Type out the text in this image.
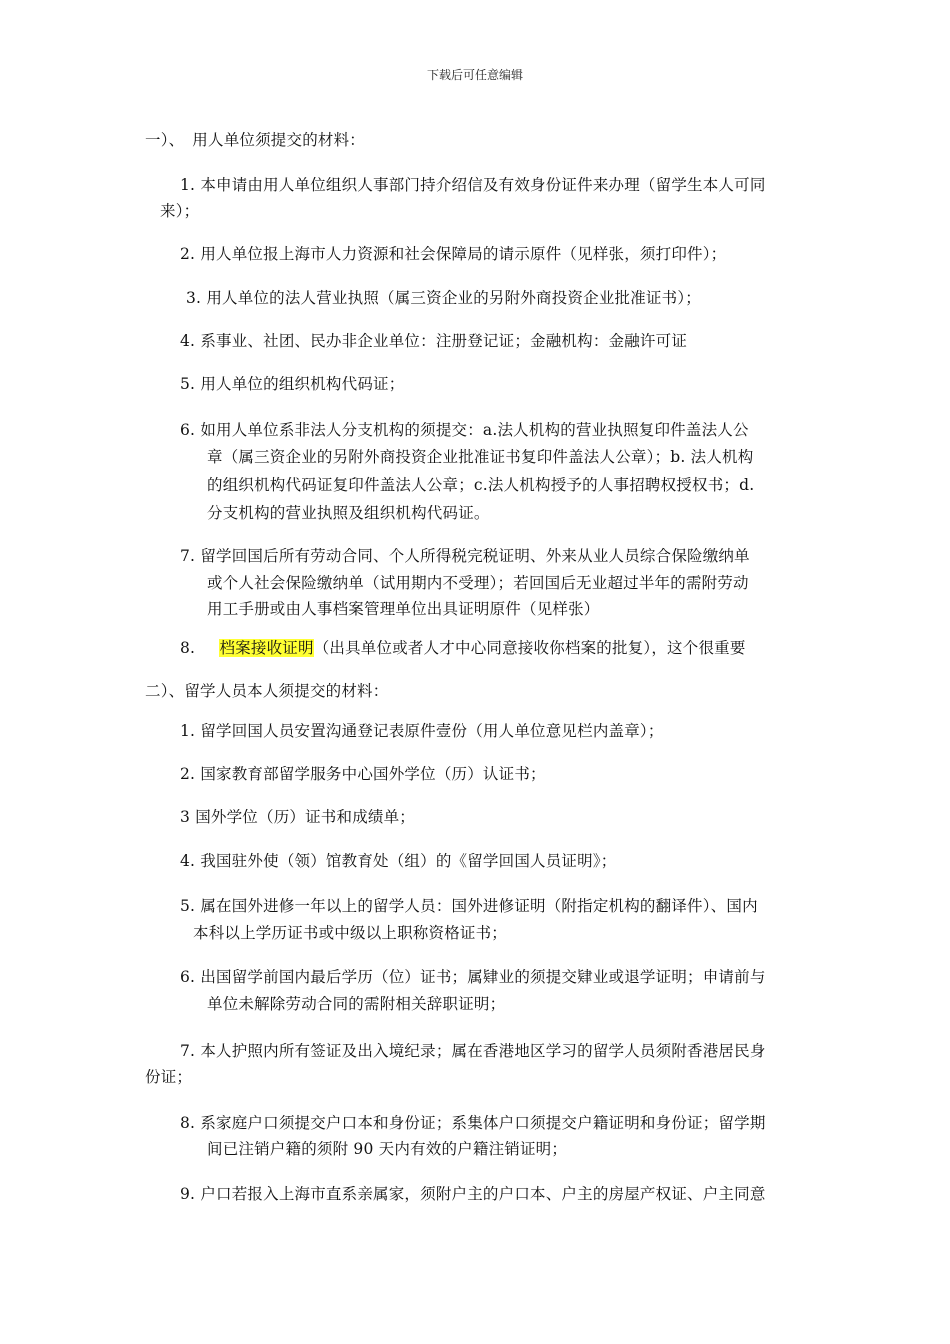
下载后可任意编辑
一）、　用人单位须提交的材料：
1. 本申请由用人单位组织人事部门持介绍信及有效身份证件来办理（留学生本人可同
来）；
2. 用人单位报上海市人力资源和社会保障局的请示原件（见样张，须打印件）；
3. 用人单位的法人营业执照（属三资企业的另附外商投资企业批准证书）；
4. 系事业、社团、民办非企业单位：注册登记证；金融机构：金融许可证
5. 用人单位的组织机构代码证；
6. 如用人单位系非法人分支机构的须提交：a.法人机构的营业执照复印件盖法人公
章（属三资企业的另附外商投资企业批准证书复印件盖法人公章）；b. 法人机构
的组织机构代码证复印件盖法人公章；c.法人机构授予的人事招聘权授权书；d.
分支机构的营业执照及组织机构代码证。
7. 留学回国后所有劳动合同、个人所得税完税证明、外来从业人员综合保险缴纳单
或个人社会保险缴纳单（试用期内不受理）；若回国后无业超过半年的需附劳动
用工手册或由人事档案管理单位出具证明原件（见样张）
8. 档案接收证明（出具单位或者人才中心同意接收你档案的批复），这个很重要
二）、留学人员本人须提交的材料：
1. 留学回国人员安置沟通登记表原件壹份（用人单位意见栏内盖章）；
2. 国家教育部留学服务中心国外学位（历）认证书；
3 国外学位（历）证书和成绩单；
4. 我国驻外使（领）馆教育处（组）的《留学回国人员证明》；
5. 属在国外进修一年以上的留学人员：国外进修证明（附指定机构的翻译件）、国内
本科以上学历证书或中级以上职称资格证书；
6. 出国留学前国内最后学历（位）证书；属肄业的须提交肄业或退学证明；申请前与
单位未解除劳动合同的需附相关辞职证明；
7. 本人护照内所有签证及出入境纪录；属在香港地区学习的留学人员须附香港居民身
份证；
8. 系家庭户口须提交户口本和身份证；系集体户口须提交户籍证明和身份证；留学期
间已注销户籍的须附 90 天内有效的户籍注销证明；
9. 户口若报入上海市直系亲属家，须附户主的户口本、户主的房屋产权证、户主同意
